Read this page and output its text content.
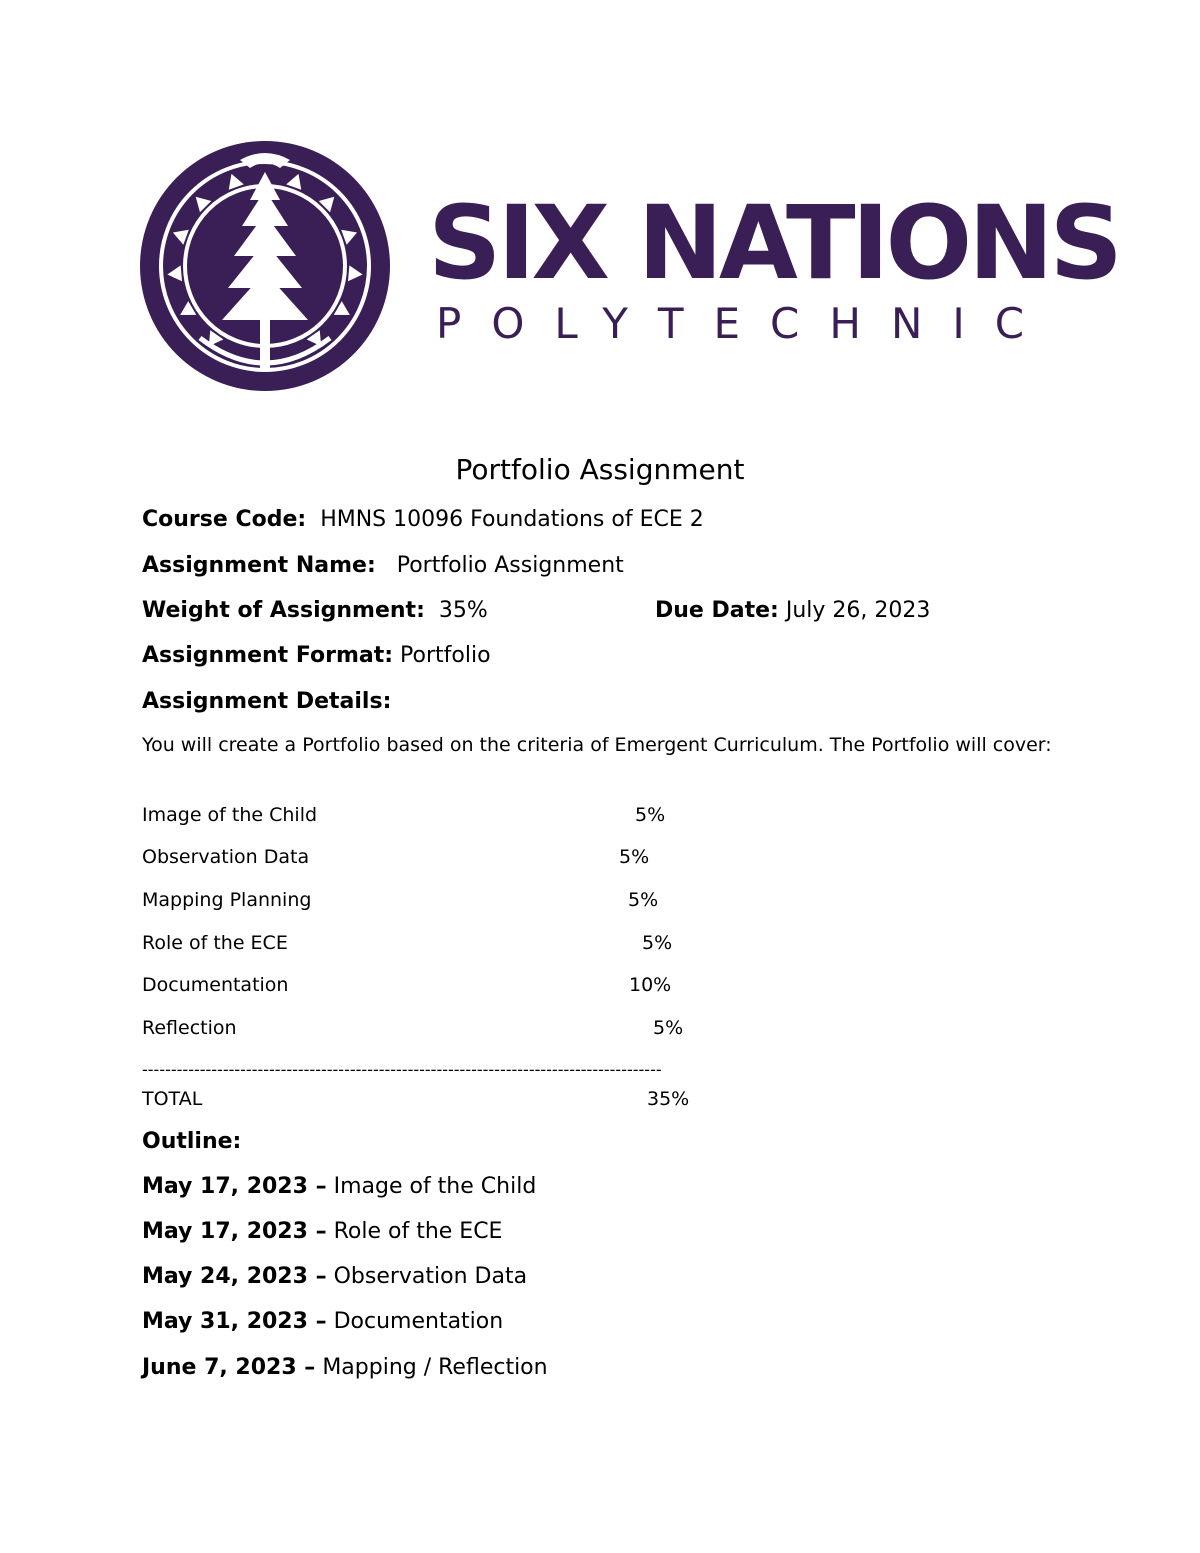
SIX NATIONS
POLYTECHNIC
Portfolio Assignment
Course Code: HMNS 10096 Foundations of ECE 2
Assignment Name: Portfolio Assignment
Weight of Assignment: 35%	Due Date: July 26, 2023
Assignment Format: Portfolio
Assignment Details:
You will create a Portfolio based on the criteria of Emergent Curriculum. The Portfolio will cover:
Image of the Child	5%
Observation Data	5%
Mapping Planning	5%
Role of the ECE	5%
Documentation	10%
Reflection	5%
------------------------------------------------------------------------------------------
TOTAL	35%
Outline:
May 17, 2023 – Image of the Child
May 17, 2023 – Role of the ECE
May 24, 2023 – Observation Data
May 31, 2023 – Documentation
June 7, 2023 – Mapping / Reflection
